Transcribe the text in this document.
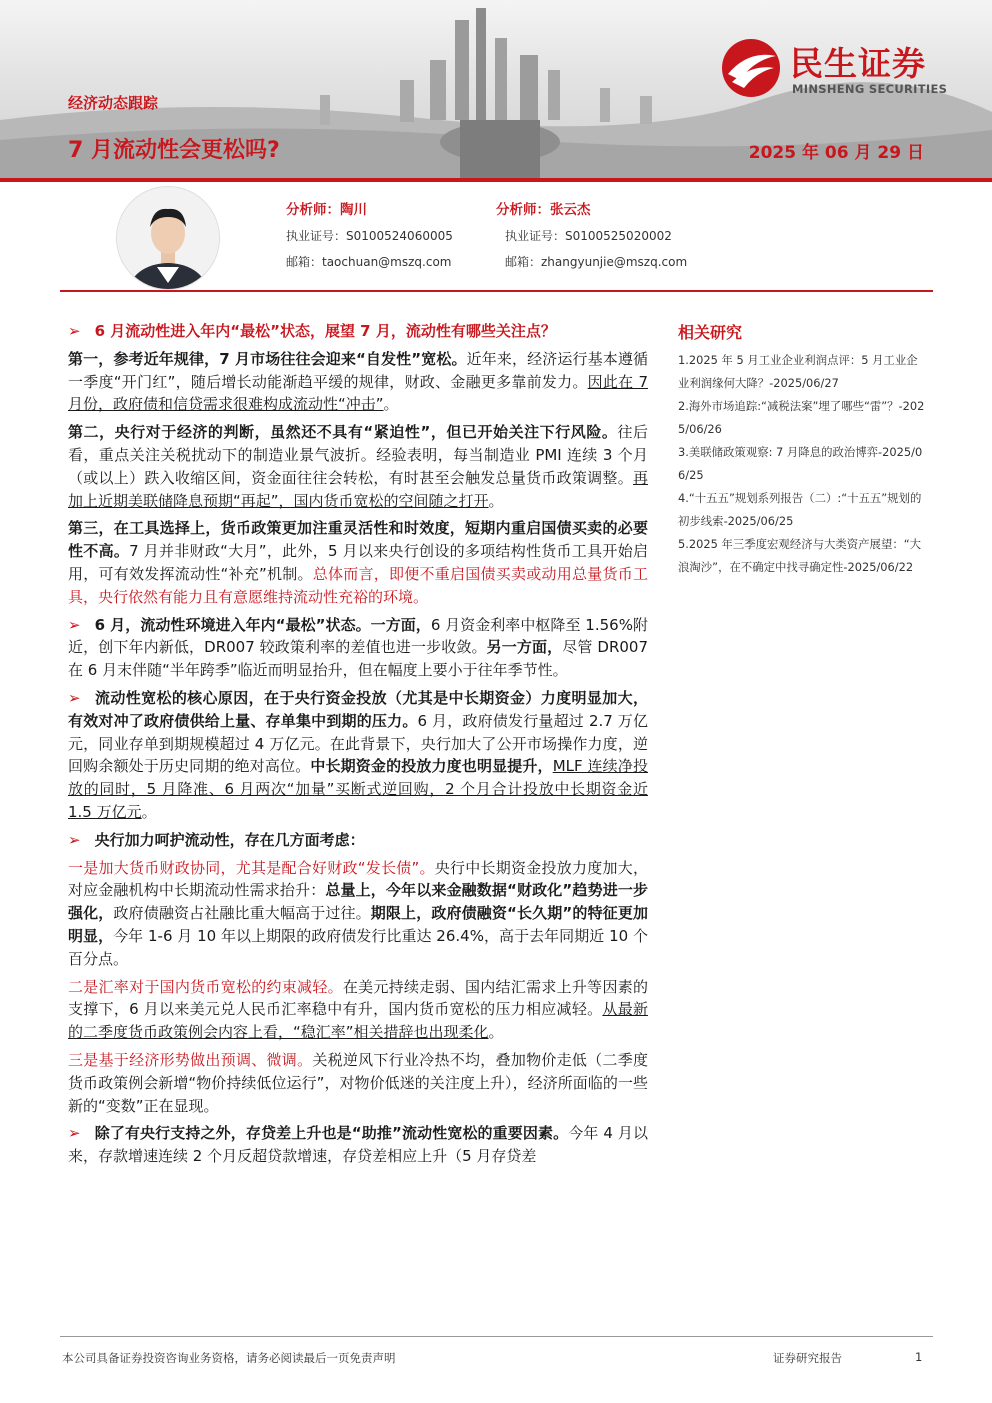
经济动态跟踪
7 月流动性会更松吗?	2025 年 06 月 29 日
民生证券
MINSHENG SECURITIES
分析师：陶川
执业证号：S0100524060005
邮箱：taochuan@mszq.com
分析师：张云杰
执业证号：S0100525020002
邮箱：zhangyunjie@mszq.com

➢ 6 月流动性进入年内“最松”状态，展望 7 月，流动性有哪些关注点？

第一，参考近年规律，7 月市场往往会迎来“自发性”宽松。近年来，经济运行基本遵循一季度“开门红”，随后增长动能渐趋平缓的规律，财政、金融更多靠前发力。因此在 7 月份，政府债和信贷需求很难构成流动性“冲击”。

第二，央行对于经济的判断，虽然还不具有“紧迫性”，但已开始关注下行风险。往后看，重点关注关税扰动下的制造业景气波折。经验表明，每当制造业 PMI 连续 3 个月（或以上）跌入收缩区间，资金面往往会转松，有时甚至会触发总量货币政策调整。再加上近期美联储降息预期“再起”，国内货币宽松的空间随之打开。

第三，在工具选择上，货币政策更加注重灵活性和时效度，短期内重启国债买卖的必要性不高。7 月并非财政“大月”，此外，5 月以来央行创设的多项结构性货币工具开始启用，可有效发挥流动性“补充”机制。总体而言，即便不重启国债买卖或动用总量货币工具，央行依然有能力且有意愿维持流动性充裕的环境。

➢ 6 月，流动性环境进入年内“最松”状态。一方面，6 月资金利率中枢降至 1.56%附近，创下年内新低，DR007 较政策利率的差值也进一步收敛。另一方面，尽管 DR007 在 6 月末伴随“半年跨季”临近而明显抬升，但在幅度上要小于往年季节性。

➢ 流动性宽松的核心原因，在于央行资金投放（尤其是中长期资金）力度明显加大，有效对冲了政府债供给上量、存单集中到期的压力。6 月，政府债发行量超过 2.7 万亿元，同业存单到期规模超过 4 万亿元。在此背景下，央行加大了公开市场操作力度，逆回购余额处于历史同期的绝对高位。中长期资金的投放力度也明显提升，MLF 连续净投放的同时，5 月降准、6 月两次“加量”买断式逆回购，2 个月合计投放中长期资金近 1.5 万亿元。

➢ 央行加力呵护流动性，存在几方面考虑：

一是加大货币财政协同，尤其是配合好财政“发长债”。央行中长期资金投放力度加大，对应金融机构中长期流动性需求抬升：总量上，今年以来金融数据“财政化”趋势进一步强化，政府债融资占社融比重大幅高于过往。期限上，政府债融资“长久期”的特征更加明显，今年 1-6 月 10 年以上期限的政府债发行比重达 26.4%，高于去年同期近 10 个百分点。

二是汇率对于国内货币宽松的约束减轻。在美元持续走弱、国内结汇需求上升等因素的支撑下，6 月以来美元兑人民币汇率稳中有升，国内货币宽松的压力相应减轻。从最新的二季度货币政策例会内容上看，“稳汇率”相关措辞也出现柔化。

三是基于经济形势做出预调、微调。关税逆风下行业冷热不均，叠加物价走低（二季度货币政策例会新增“物价持续低位运行”，对物价低迷的关注度上升），经济所面临的一些新的“变数”正在显现。

➢ 除了有央行支持之外，存贷差上升也是“助推”流动性宽松的重要因素。今年 4 月以来，存款增速连续 2 个月反超贷款增速，存贷差相应上升（5 月存贷差

相关研究
1.2025 年 5 月工业企业利润点评：5 月工业企业利润缘何大降？-2025/06/27
2.海外市场追踪:“减税法案”埋了哪些“雷”？-2025/06/26
3.美联储政策观察: 7 月降息的政治博弈-2025/06/25
4.“十五五”规划系列报告（二）:“十五五”规划的初步线索-2025/06/25
5.2025 年三季度宏观经济与大类资产展望：“大浪淘沙”，在不确定中找寻确定性-2025/06/22
本公司具备证券投资咨询业务资格，请务必阅读最后一页免责声明	证券研究报告	1
